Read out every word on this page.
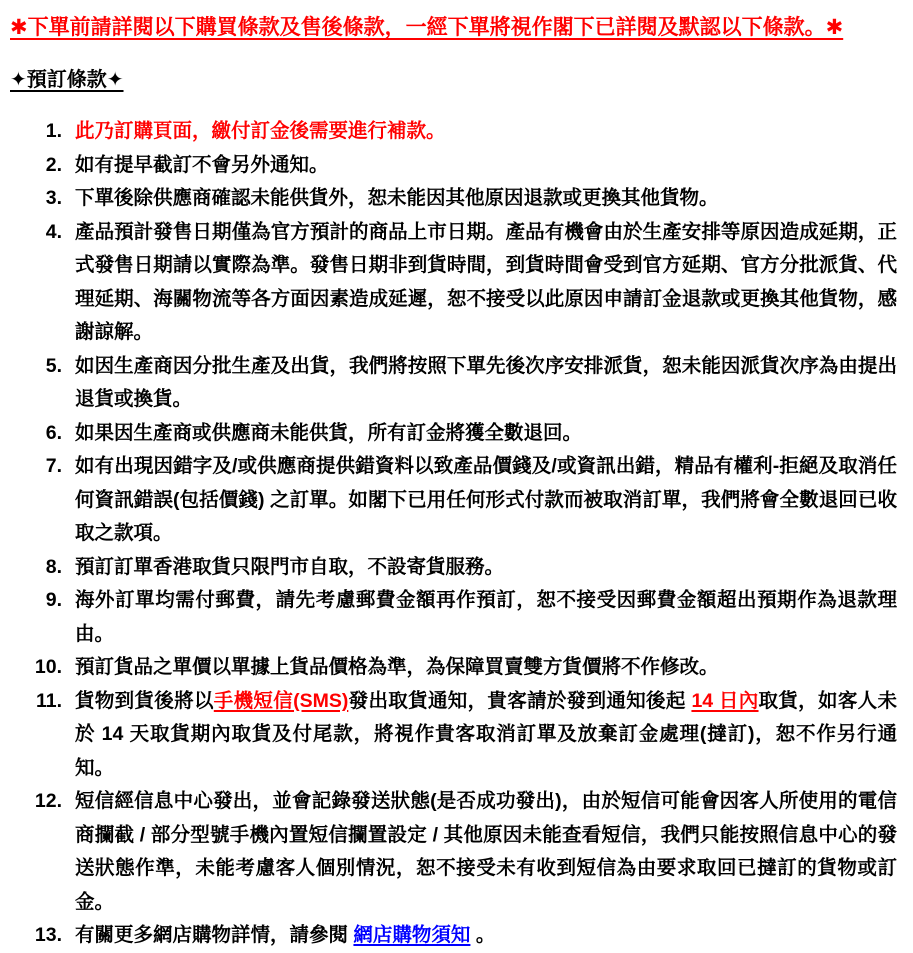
✱下單前請詳閱以下購買條款及售後條款，一經下單將視作閣下已詳閱及默認以下條款。✱

✦預訂條款✦
1. 此乃訂購頁面，繳付訂金後需要進行補款。
2. 如有提早截訂不會另外通知。
3. 下單後除供應商確認未能供貨外，恕未能因其他原因退款或更換其他貨物。
4. 產品預計發售日期僅為官方預計的商品上市日期。產品有機會由於生產安排等原因造成延期，正式發售日期請以實際為準。發售日期非到貨時間，到貨時間會受到官方延期、官方分批派貨、代理延期、海關物流等各方面因素造成延遲，恕不接受以此原因申請訂金退款或更換其他貨物，感謝諒解。
5. 如因生產商因分批生產及出貨，我們將按照下單先後次序安排派貨，恕未能因派貨次序為由提出退貨或換貨。
6. 如果因生產商或供應商未能供貨，所有訂金將獲全數退回。
7. 如有出現因錯字及/或供應商提供錯資料以致產品價錢及/或資訊出錯，精品有權利-拒絕及取消任何資訊錯誤(包括價錢) 之訂單。如閣下已用任何形式付款而被取消訂單，我們將會全數退回已收取之款項。
8. 預訂訂單香港取貨只限門市自取，不設寄貨服務。
9. 海外訂單均需付郵費，請先考慮郵費金額再作預訂，恕不接受因郵費金額超出預期作為退款理由。
10. 預訂貨品之單價以單據上貨品價格為準，為保障買賣雙方貨價將不作修改。
11. 貨物到貨後將以手機短信(SMS)發出取貨通知，貴客請於發到通知後起 14 日內取貨，如客人未於 14 天取貨期內取貨及付尾款，將視作貴客取消訂單及放棄訂金處理(撻訂)，恕不作另行通知。
12. 短信經信息中心發出，並會記錄發送狀態(是否成功發出)，由於短信可能會因客人所使用的電信商攔截 / 部分型號手機內置短信攔置設定 / 其他原因未能查看短信，我們只能按照信息中心的發送狀態作準，未能考慮客人個別情況，恕不接受未有收到短信為由要求取回已撻訂的貨物或訂金。
13. 有關更多網店購物詳情，請參閱 網店購物須知 。
